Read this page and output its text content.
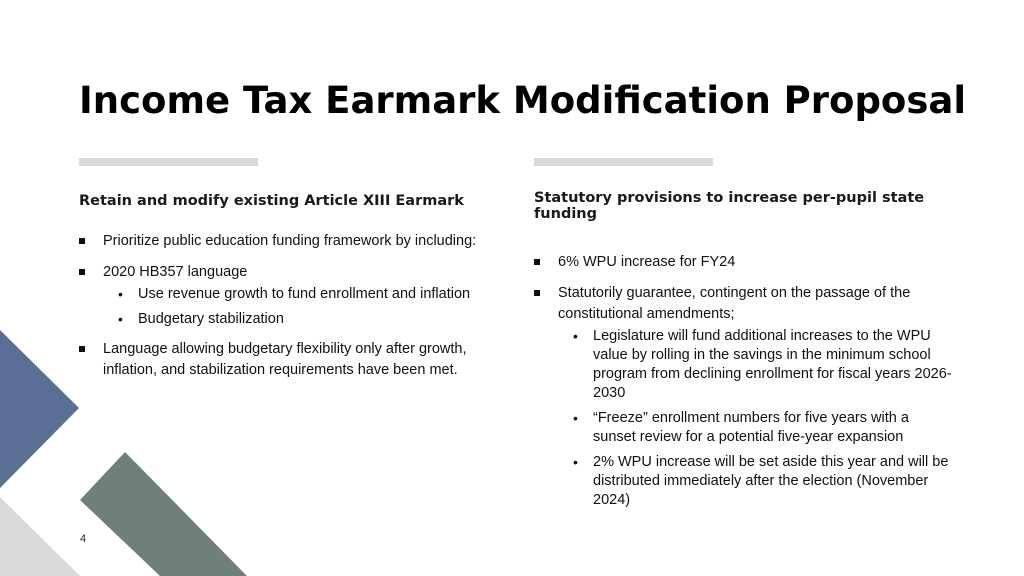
Income Tax Earmark Modification Proposal

Retain and modify existing Article XIII Earmark

Prioritize public education funding framework by including:
2020 HB357 language
• Use revenue growth to fund enrollment and inflation
• Budgetary stabilization
Language allowing budgetary flexibility only after growth, inflation, and stabilization requirements have been met.

Statutory provisions to increase per-pupil state funding

6% WPU increase for FY24
Statutorily guarantee, contingent on the passage of the constitutional amendments;
• Legislature will fund additional increases to the WPU value by rolling in the savings in the minimum school program from declining enrollment for fiscal years 2026-2030
• “Freeze” enrollment numbers for five years with a sunset review for a potential five-year expansion
• 2% WPU increase will be set aside this year and will be distributed immediately after the election (November 2024)
4
